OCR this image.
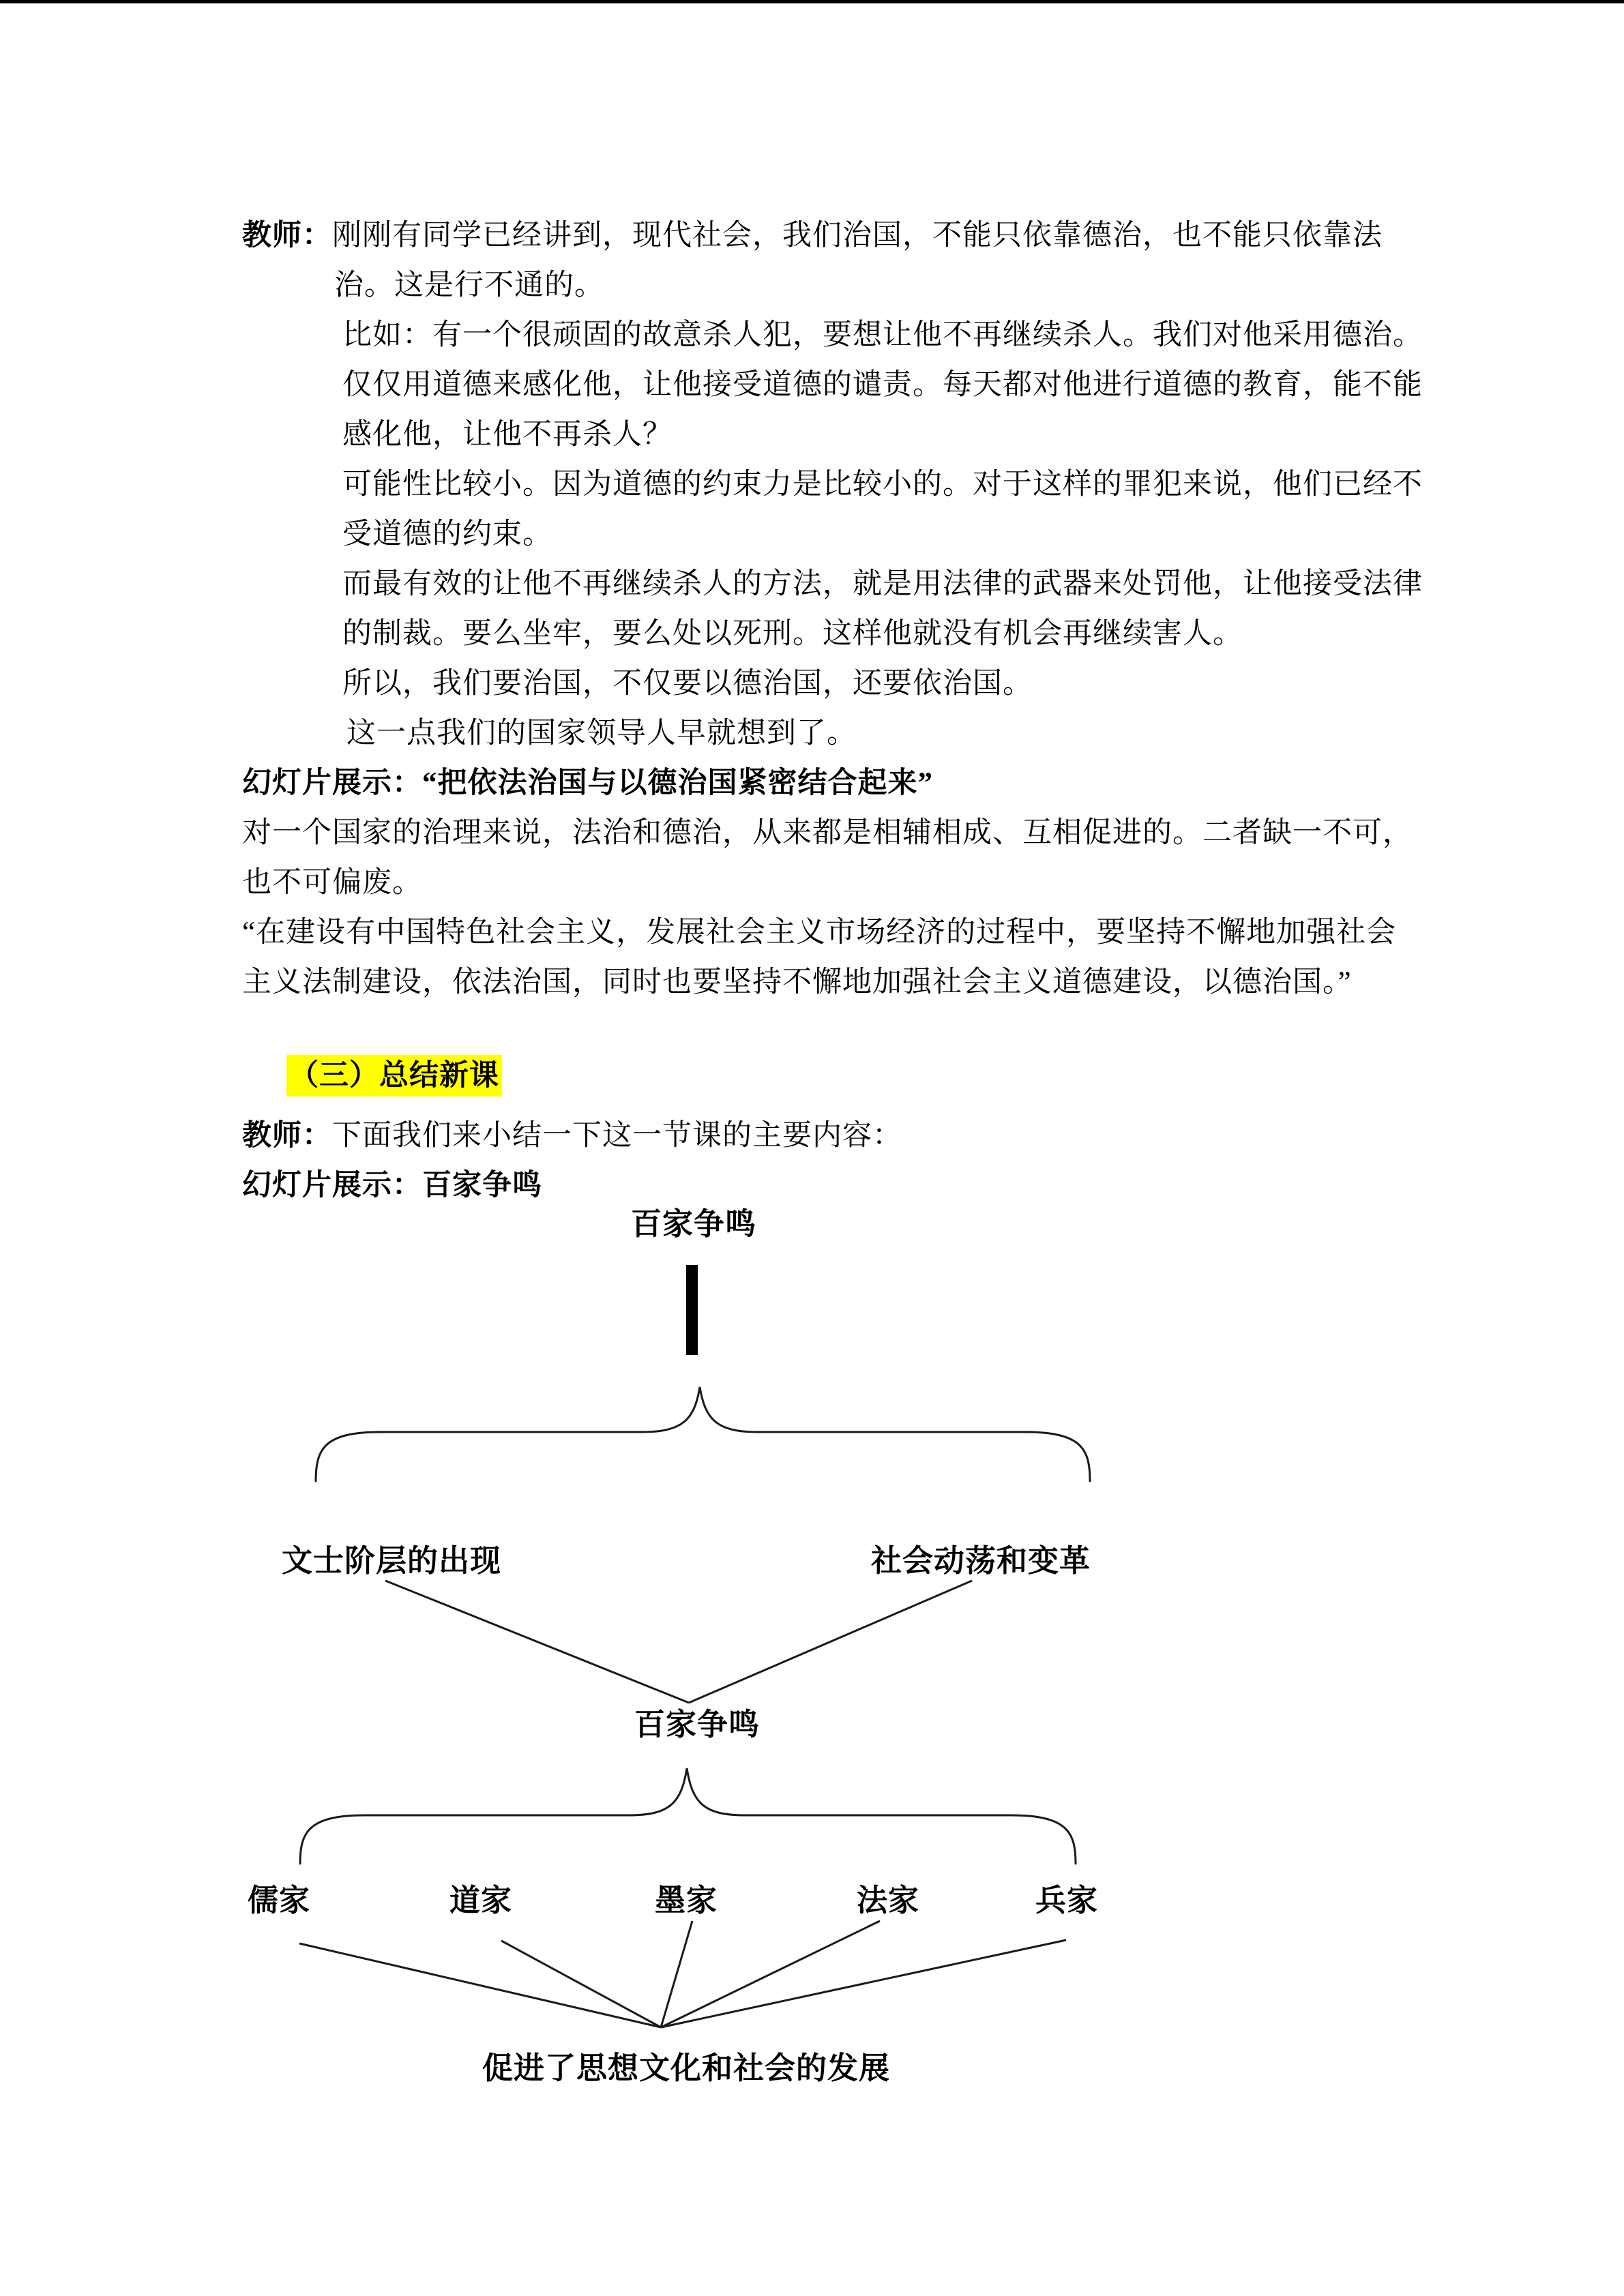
教师：刚刚有同学已经讲到，现代社会，我们治国，不能只依靠德治，也不能只依靠法
治。这是行不通的。
比如：有一个很顽固的故意杀人犯，要想让他不再继续杀人。我们对他采用德治。
仅仅用道德来感化他，让他接受道德的谴责。每天都对他进行道德的教育，能不能
感化他，让他不再杀人？
可能性比较小。因为道德的约束力是比较小的。对于这样的罪犯来说，他们已经不
受道德的约束。
而最有效的让他不再继续杀人的方法，就是用法律的武器来处罚他，让他接受法律
的制裁。要么坐牢，要么处以死刑。这样他就没有机会再继续害人。
所以，我们要治国，不仅要以德治国，还要依治国。
这一点我们的国家领导人早就想到了。
幻灯片展示：“把依法治国与以德治国紧密结合起来”
对一个国家的治理来说，法治和德治，从来都是相辅相成、互相促进的。二者缺一不可，
也不可偏废。
“在建设有中国特色社会主义，发展社会主义市场经济的过程中，要坚持不懈地加强社会
主义法制建设，依法治国，同时也要坚持不懈地加强社会主义道德建设，以德治国。”
（三）总结新课
教师：下面我们来小结一下这一节课的主要内容：
幻灯片展示：百家争鸣
百家争鸣
文士阶层的出现	社会动荡和变革
百家争鸣
儒家	道家	墨家	法家	兵家
促进了思想文化和社会的发展
